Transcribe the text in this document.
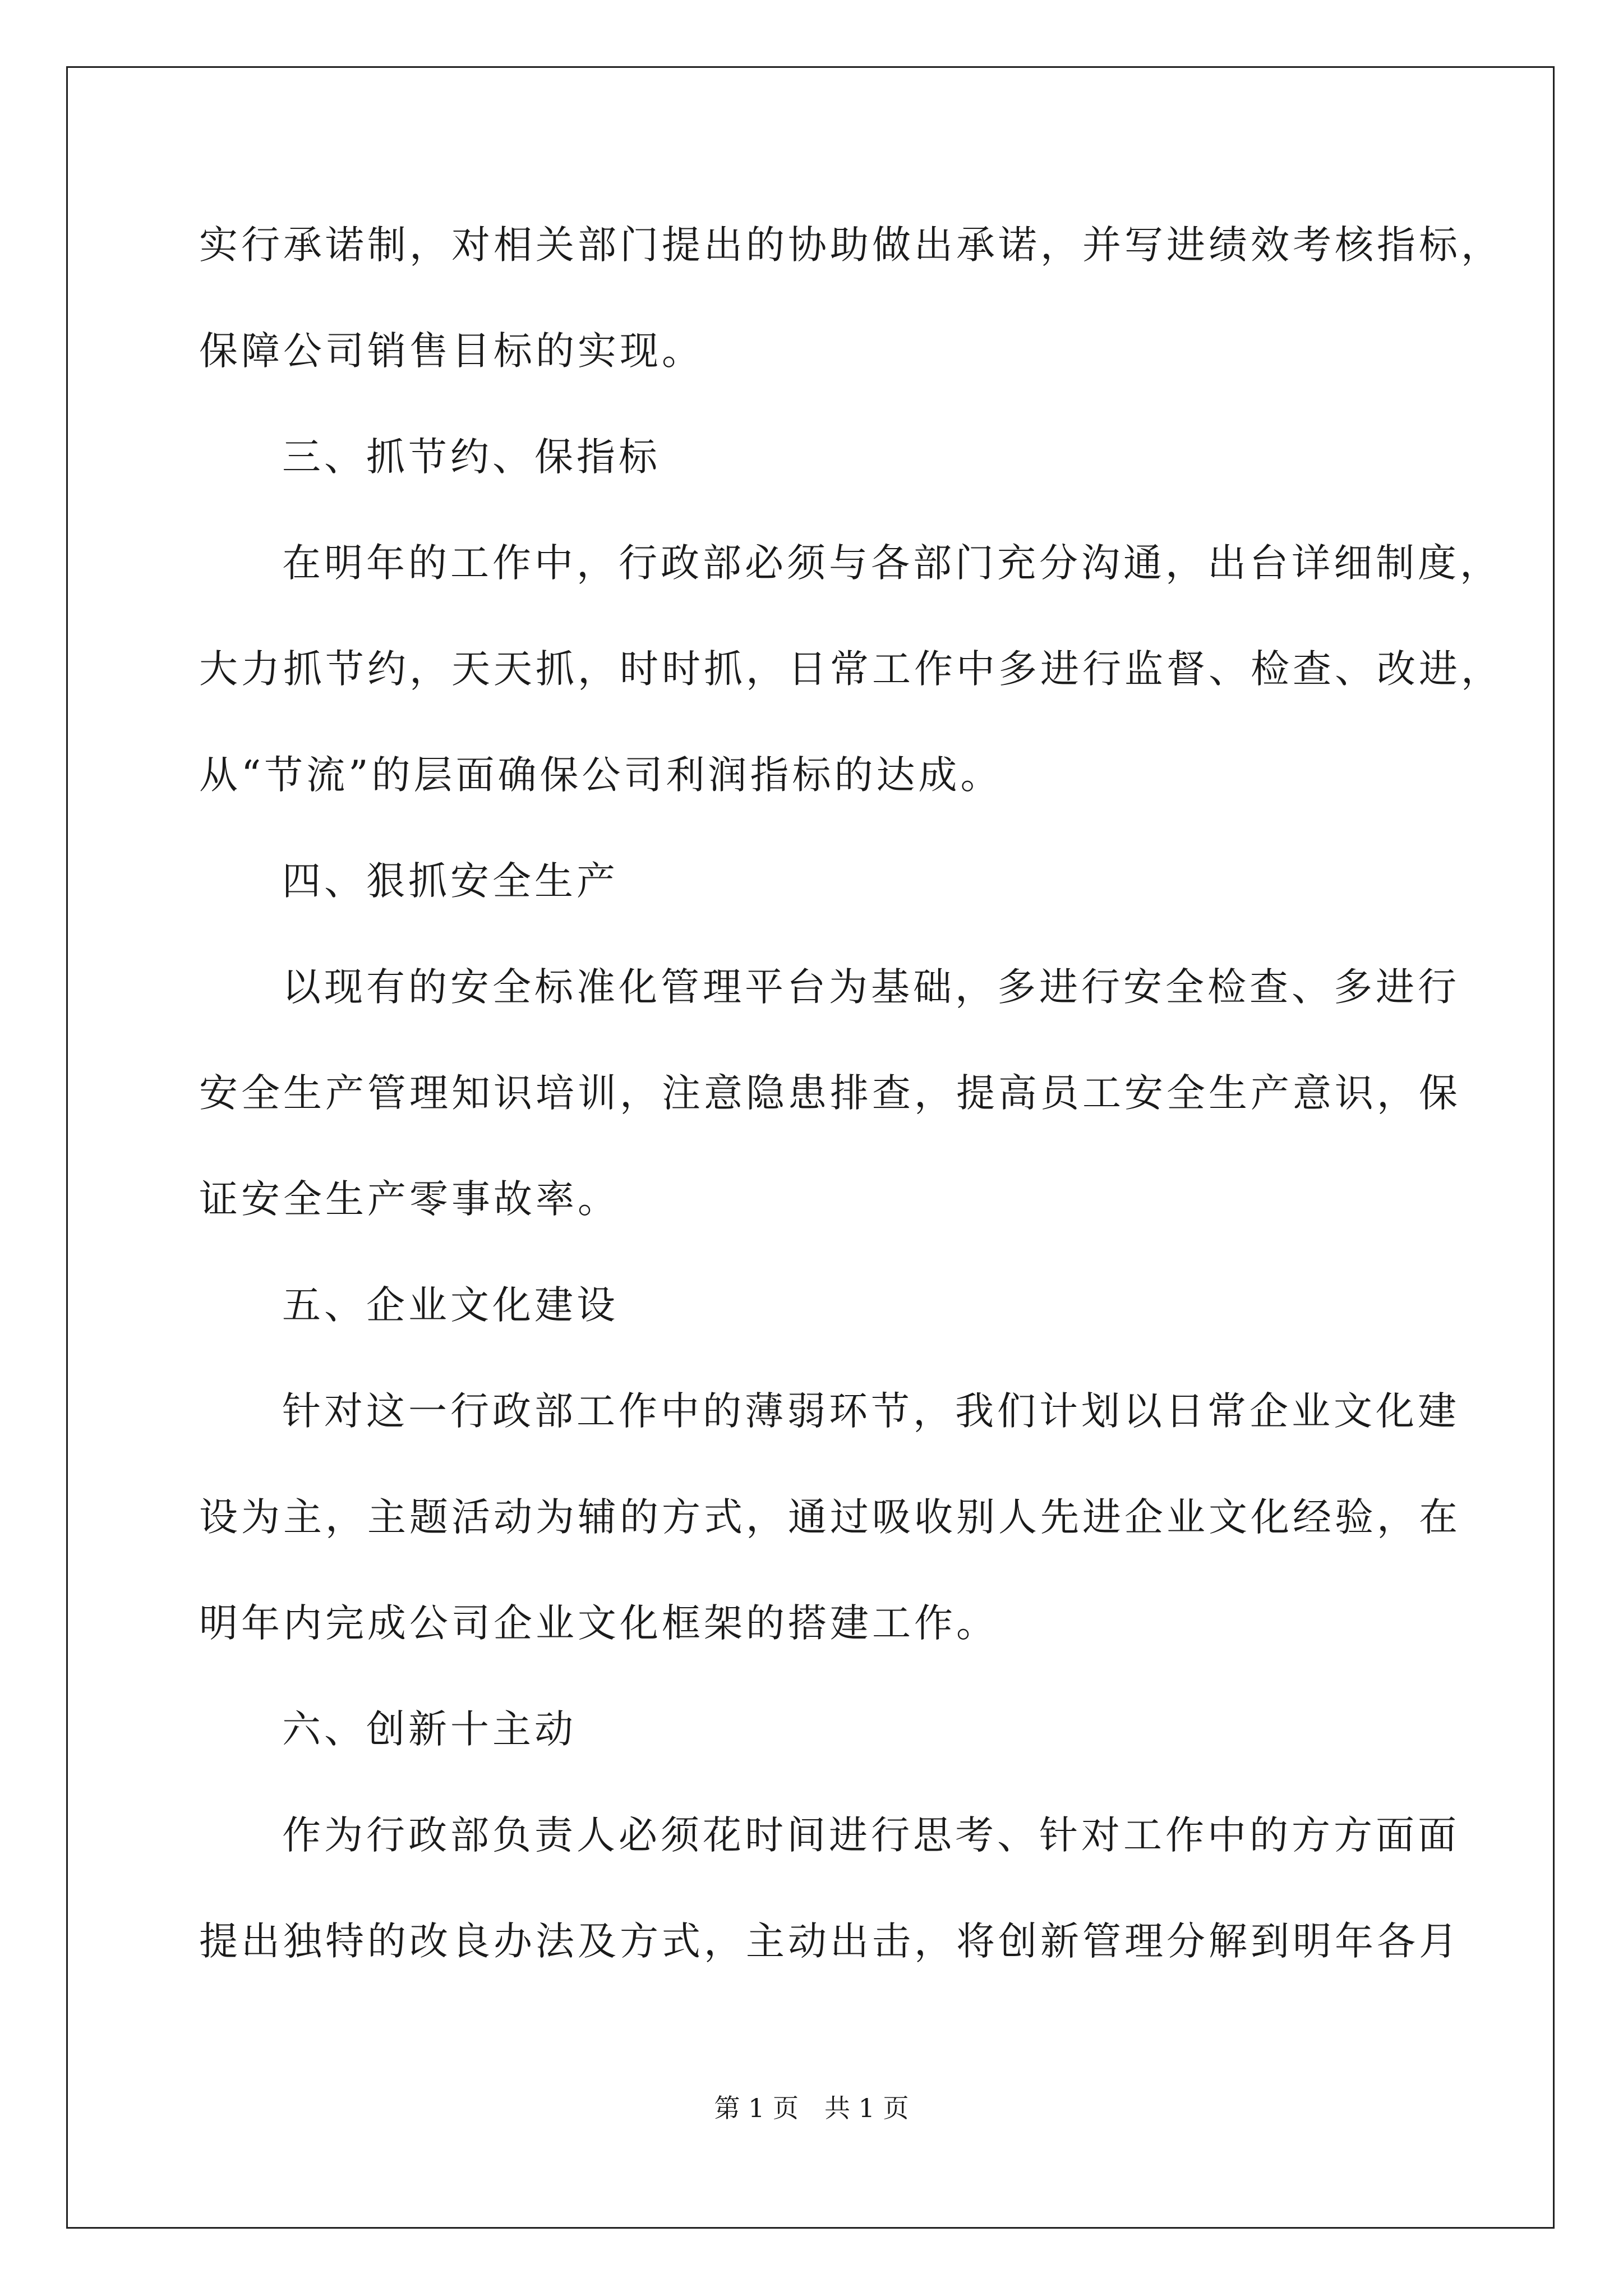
实行承诺制，对相关部门提出的协助做出承诺，并写进绩效考核指标，
保障公司销售目标的实现。
三、抓节约、保指标
在明年的工作中，行政部必须与各部门充分沟通，出台详细制度，
大力抓节约，天天抓，时时抓，日常工作中多进行监督、检查、改进，
从“节流”的层面确保公司利润指标的达成。
四、狠抓安全生产
以现有的安全标准化管理平台为基础，多进行安全检查、多进行
安全生产管理知识培训，注意隐患排查，提高员工安全生产意识，保
证安全生产零事故率。
五、企业文化建设
针对这一行政部工作中的薄弱环节，我们计划以日常企业文化建
设为主，主题活动为辅的方式，通过吸收别人先进企业文化经验，在
明年内完成公司企业文化框架的搭建工作。
六、创新十主动
作为行政部负责人必须花时间进行思考、针对工作中的方方面面
提出独特的改良办法及方式，主动出击，将创新管理分解到明年各月
第 1 页　共 1 页
